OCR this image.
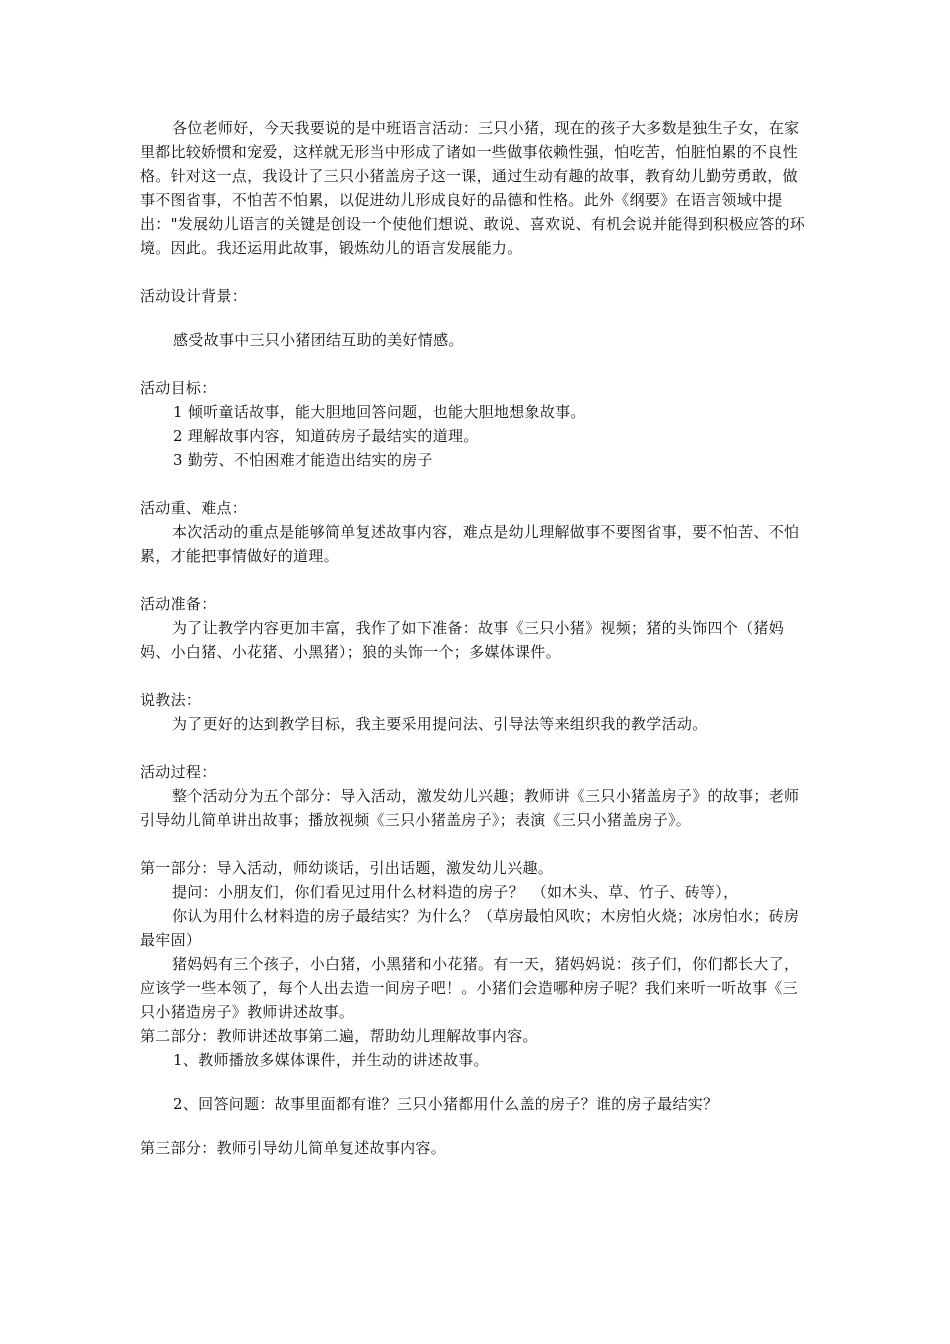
各位老师好，今天我要说的是中班语言活动：三只小猪，现在的孩子大多数是独生子女，在家里都比较娇惯和宠爱，这样就无形当中形成了诸如一些做事依赖性强，怕吃苦，怕脏怕累的不良性格。针对这一点，我设计了三只小猪盖房子这一课，通过生动有趣的故事，教育幼儿勤劳勇敢，做事不图省事，不怕苦不怕累，以促进幼儿形成良好的品德和性格。此外《纲要》在语言领域中提出："发展幼儿语言的关键是创设一个使他们想说、敢说、喜欢说、有机会说并能得到积极应答的环境。因此。我还运用此故事，锻炼幼儿的语言发展能力。

活动设计背景：

感受故事中三只小猪团结互助的美好情感。

活动目标：

1 倾听童话故事，能大胆地回答问题，也能大胆地想象故事。

2 理解故事内容，知道砖房子最结实的道理。

3 勤劳、不怕困难才能造出结实的房子

活动重、难点：

本次活动的重点是能够简单复述故事内容，难点是幼儿理解做事不要图省事，要不怕苦、不怕累，才能把事情做好的道理。

活动准备：

为了让教学内容更加丰富，我作了如下准备：故事《三只小猪》视频；猪的头饰四个（猪妈妈、小白猪、小花猪、小黑猪）；狼的头饰一个；多媒体课件。

说教法：

为了更好的达到教学目标，我主要采用提问法、引导法等来组织我的教学活动。

活动过程：

整个活动分为五个部分：导入活动，激发幼儿兴趣；教师讲《三只小猪盖房子》的故事；老师引导幼儿简单讲出故事；播放视频《三只小猪盖房子》；表演《三只小猪盖房子》。

第一部分：导入活动，师幼谈话，引出话题，激发幼儿兴趣。

提问：小朋友们，你们看见过用什么材料造的房子？　（如木头、草、竹子、砖等），

你认为用什么材料造的房子最结实？为什么？（草房最怕风吹；木房怕火烧；冰房怕水；砖房最牢固）

猪妈妈有三个孩子，小白猪，小黑猪和小花猪。有一天，猪妈妈说：孩子们，你们都长大了，应该学一些本领了，每个人出去造一间房子吧！。小猪们会造哪种房子呢？我们来听一听故事《三只小猪造房子》教师讲述故事。

第二部分：教师讲述故事第二遍，帮助幼儿理解故事内容。

1、教师播放多媒体课件，并生动的讲述故事。

2、回答问题：故事里面都有谁？三只小猪都用什么盖的房子？谁的房子最结实？

第三部分：教师引导幼儿简单复述故事内容。
